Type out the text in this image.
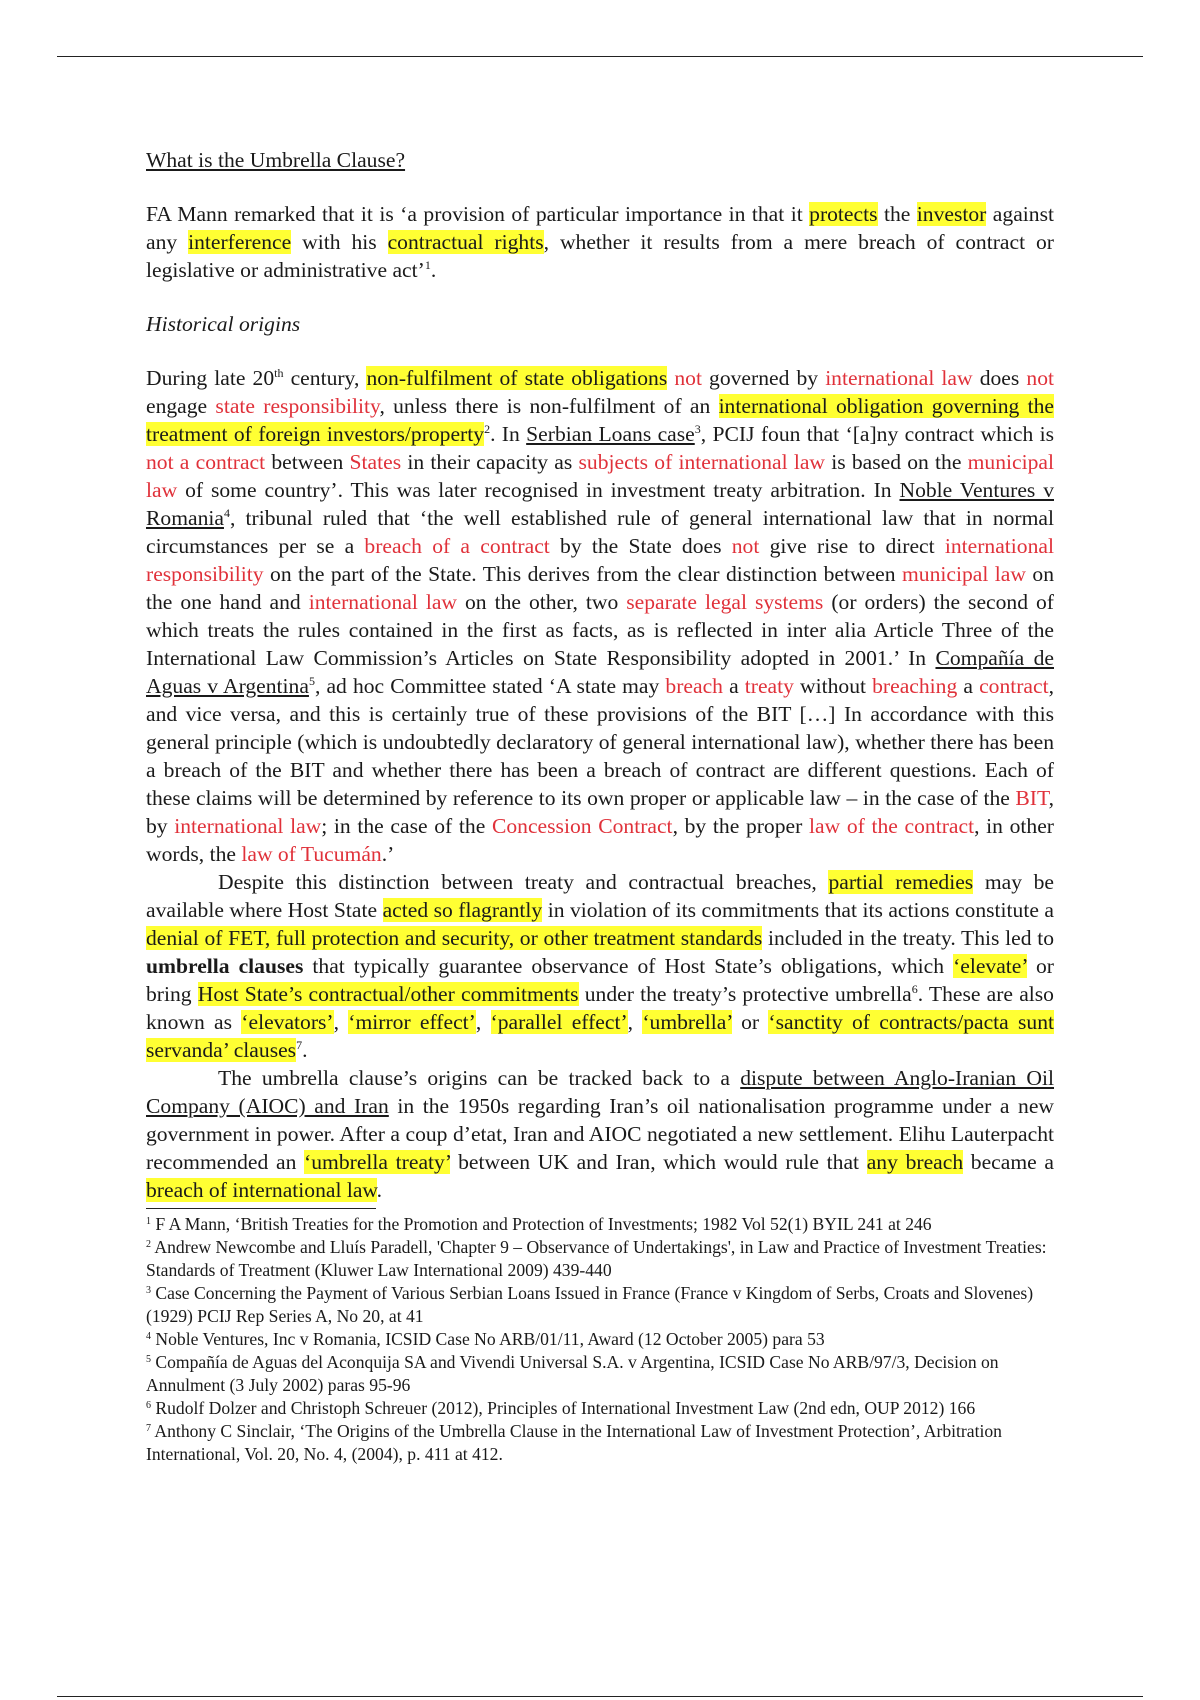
What is the Umbrella Clause?

FA Mann remarked that it is ‘a provision of particular importance in that it protects the investor against any interference with his contractual rights, whether it results from a mere breach of contract or legislative or administrative act’$^1$.

Historical origins

During late 20th century, non-fulfilment of state obligations not governed by international law does not engage state responsibility, unless there is non-fulfilment of an international obligation governing the treatment of foreign investors/property$^2$. In Serbian Loans case$^3$, PCIJ foun that ‘[a]ny contract which is not a contract between States in their capacity as subjects of international law is based on the municipal law of some country’. This was later recognised in investment treaty arbitration. In Noble Ventures v Romania$^4$, tribunal ruled that ‘the well established rule of general international law that in normal circumstances per se a breach of a contract by the State does not give rise to direct international responsibility on the part of the State. This derives from the clear distinction between municipal law on the one hand and international law on the other, two separate legal systems (or orders) the second of which treats the rules contained in the first as facts, as is reflected in inter alia Article Three of the International Law Commission’s Articles on State Responsibility adopted in 2001.’ In Compañía de Aguas v Argentina$^5$, ad hoc Committee stated ‘A state may breach a treaty without breaching a contract, and vice versa, and this is certainly true of these provisions of the BIT […] In accordance with this general principle (which is undoubtedly declaratory of general international law), whether there has been a breach of the BIT and whether there has been a breach of contract are different questions. Each of these claims will be determined by reference to its own proper or applicable law – in the case of the BIT, by international law; in the case of the Concession Contract, by the proper law of the contract, in other words, the law of Tucumán.’

Despite this distinction between treaty and contractual breaches, partial remedies may be available where Host State acted so flagrantly in violation of its commitments that its actions constitute a denial of FET, full protection and security, or other treatment standards included in the treaty. This led to umbrella clauses that typically guarantee observance of Host State’s obligations, which ‘elevate’ or bring Host State’s contractual/other commitments under the treaty’s protective umbrella$^6$. These are also known as ‘elevators’, ‘mirror effect’, ‘parallel effect’, ‘umbrella’ or ‘sanctity of contracts/pacta sunt servanda’ clauses$^7$.

The umbrella clause’s origins can be tracked back to a dispute between Anglo-Iranian Oil Company (AIOC) and Iran in the 1950s regarding Iran’s oil nationalisation programme under a new government in power. After a coup d’etat, Iran and AIOC negotiated a new settlement. Elihu Lauterpacht recommended an ‘umbrella treaty’ between UK and Iran, which would rule that any breach became a breach of international law.

$^1$ F A Mann, ‘British Treaties for the Promotion and Protection of Investments; 1982 Vol 52(1) BYIL 241 at 246
$^2$ Andrew Newcombe and Lluís Paradell, 'Chapter 9 – Observance of Undertakings', in Law and Practice of Investment Treaties: Standards of Treatment (Kluwer Law International 2009) 439-440
$^3$ Case Concerning the Payment of Various Serbian Loans Issued in France (France v Kingdom of Serbs, Croats and Slovenes) (1929) PCIJ Rep Series A, No 20, at 41
$^4$ Noble Ventures, Inc v Romania, ICSID Case No ARB/01/11, Award (12 October 2005) para 53
$^5$ Compañía de Aguas del Aconquija SA and Vivendi Universal S.A. v Argentina, ICSID Case No ARB/97/3, Decision on Annulment (3 July 2002) paras 95-96
$^6$ Rudolf Dolzer and Christoph Schreuer (2012), Principles of International Investment Law (2nd edn, OUP 2012) 166
$^7$ Anthony C Sinclair, ‘The Origins of the Umbrella Clause in the International Law of Investment Protection’, Arbitration International, Vol. 20, No. 4, (2004), p. 411 at 412.
